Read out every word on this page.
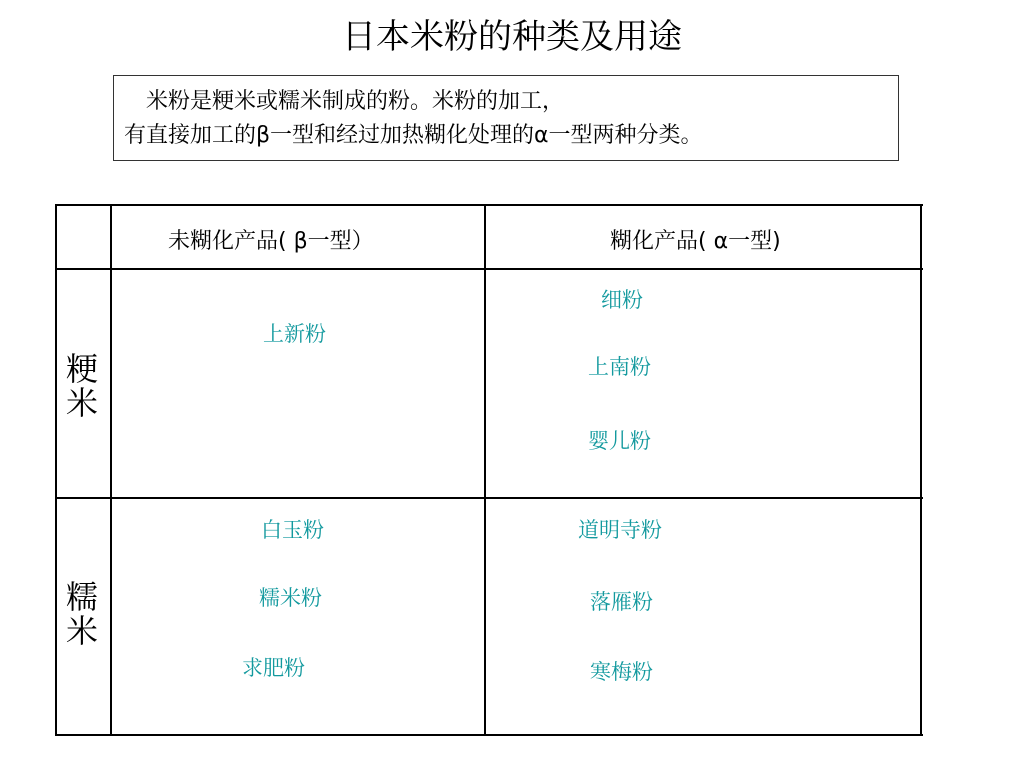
日本米粉的种类及用途
米粉是粳米或糯米制成的粉。米粉的加工，
有直接加工的β一型和经过加热糊化处理的α一型两种分类。
未糊化产品( β一型）	糊化产品( α一型)
粳
米
糯
米
上新粉
细粉
上南粉
婴儿粉
白玉粉
糯米粉
求肥粉
道明寺粉
落雁粉
寒梅粉
